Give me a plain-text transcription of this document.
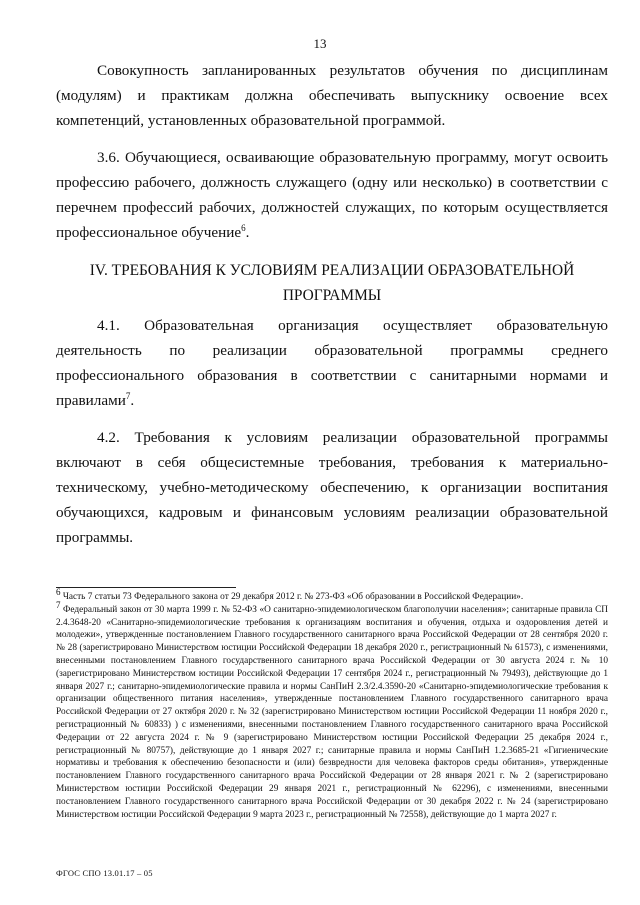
13

Совокупность запланированных результатов обучения по дисциплинам (модулям) и практикам должна обеспечивать выпускнику освоение всех компетенций, установленных образовательной программой.

3.6. Обучающиеся, осваивающие образовательную программу, могут освоить профессию рабочего, должность служащего (одну или несколько) в соответствии с перечнем профессий рабочих, должностей служащих, по которым осуществляется профессиональное обучение$^6$.

IV. ТРЕБОВАНИЯ К УСЛОВИЯМ РЕАЛИЗАЦИИ ОБРАЗОВАТЕЛЬНОЙ ПРОГРАММЫ

4.1. Образовательная организация осуществляет образовательную деятельность по реализации образовательной программы среднего профессионального образования в соответствии с санитарными нормами и правилами$^7$.

4.2. Требования к условиям реализации образовательной программы включают в себя общесистемные требования, требования к материально-техническому, учебно-методическому обеспечению, к организации воспитания обучающихся, кадровым и финансовым условиям реализации образовательной программы.

$^6$ Часть 7 статьи 73 Федерального закона от 29 декабря 2012 г. № 273-ФЗ «Об образовании в Российской Федерации».

$^7$ Федеральный закон от 30 марта 1999 г. № 52-ФЗ «О санитарно-эпидемиологическом благополучии населения»; санитарные правила СП 2.4.3648-20 «Санитарно-эпидемиологические требования к организациям воспитания и обучения, отдыха и оздоровления детей и молодежи», утвержденные постановлением Главного государственного санитарного врача Российской Федерации от 28 сентября 2020 г. № 28 (зарегистрировано Министерством юстиции Российской Федерации 18 декабря 2020 г., регистрационный № 61573), с изменениями, внесенными постановлением Главного государственного санитарного врача Российской Федерации от 30 августа 2024 г. № 10 (зарегистрировано Министерством юстиции Российской Федерации 17 сентября 2024 г., регистрационный № 79493), действующие до 1 января 2027 г.; санитарно-эпидемиологические правила и нормы СанПиН 2.3/2.4.3590-20 «Санитарно-эпидемиологические требования к организации общественного питания населения», утвержденные постановлением Главного государственного санитарного врача Российской Федерации от 27 октября 2020 г. № 32 (зарегистрировано Министерством юстиции Российской Федерации 11 ноября 2020 г., регистрационный № 60833) ) с изменениями, внесенными постановлением Главного государственного санитарного врача Российской Федерации от 22 августа 2024 г. № 9 (зарегистрировано Министерством юстиции Российской Федерации 25 декабря 2024 г., регистрационный № 80757), действующие до 1 января 2027 г.; санитарные правила и нормы СанПиН 1.2.3685-21 «Гигиенические нормативы и требования к обеспечению безопасности и (или) безвредности для человека факторов среды обитания», утвержденные постановлением Главного государственного санитарного врача Российской Федерации от 28 января 2021 г. № 2 (зарегистрировано Министерством юстиции Российской Федерации 29 января 2021 г., регистрационный № 62296), с изменениями, внесенными постановлением Главного государственного санитарного врача Российской Федерации от 30 декабря 2022 г. № 24 (зарегистрировано Министерством юстиции Российской Федерации 9 марта 2023 г., регистрационный № 72558), действующие до 1 марта 2027 г.

ФГОС СПО 13.01.17 – 05
